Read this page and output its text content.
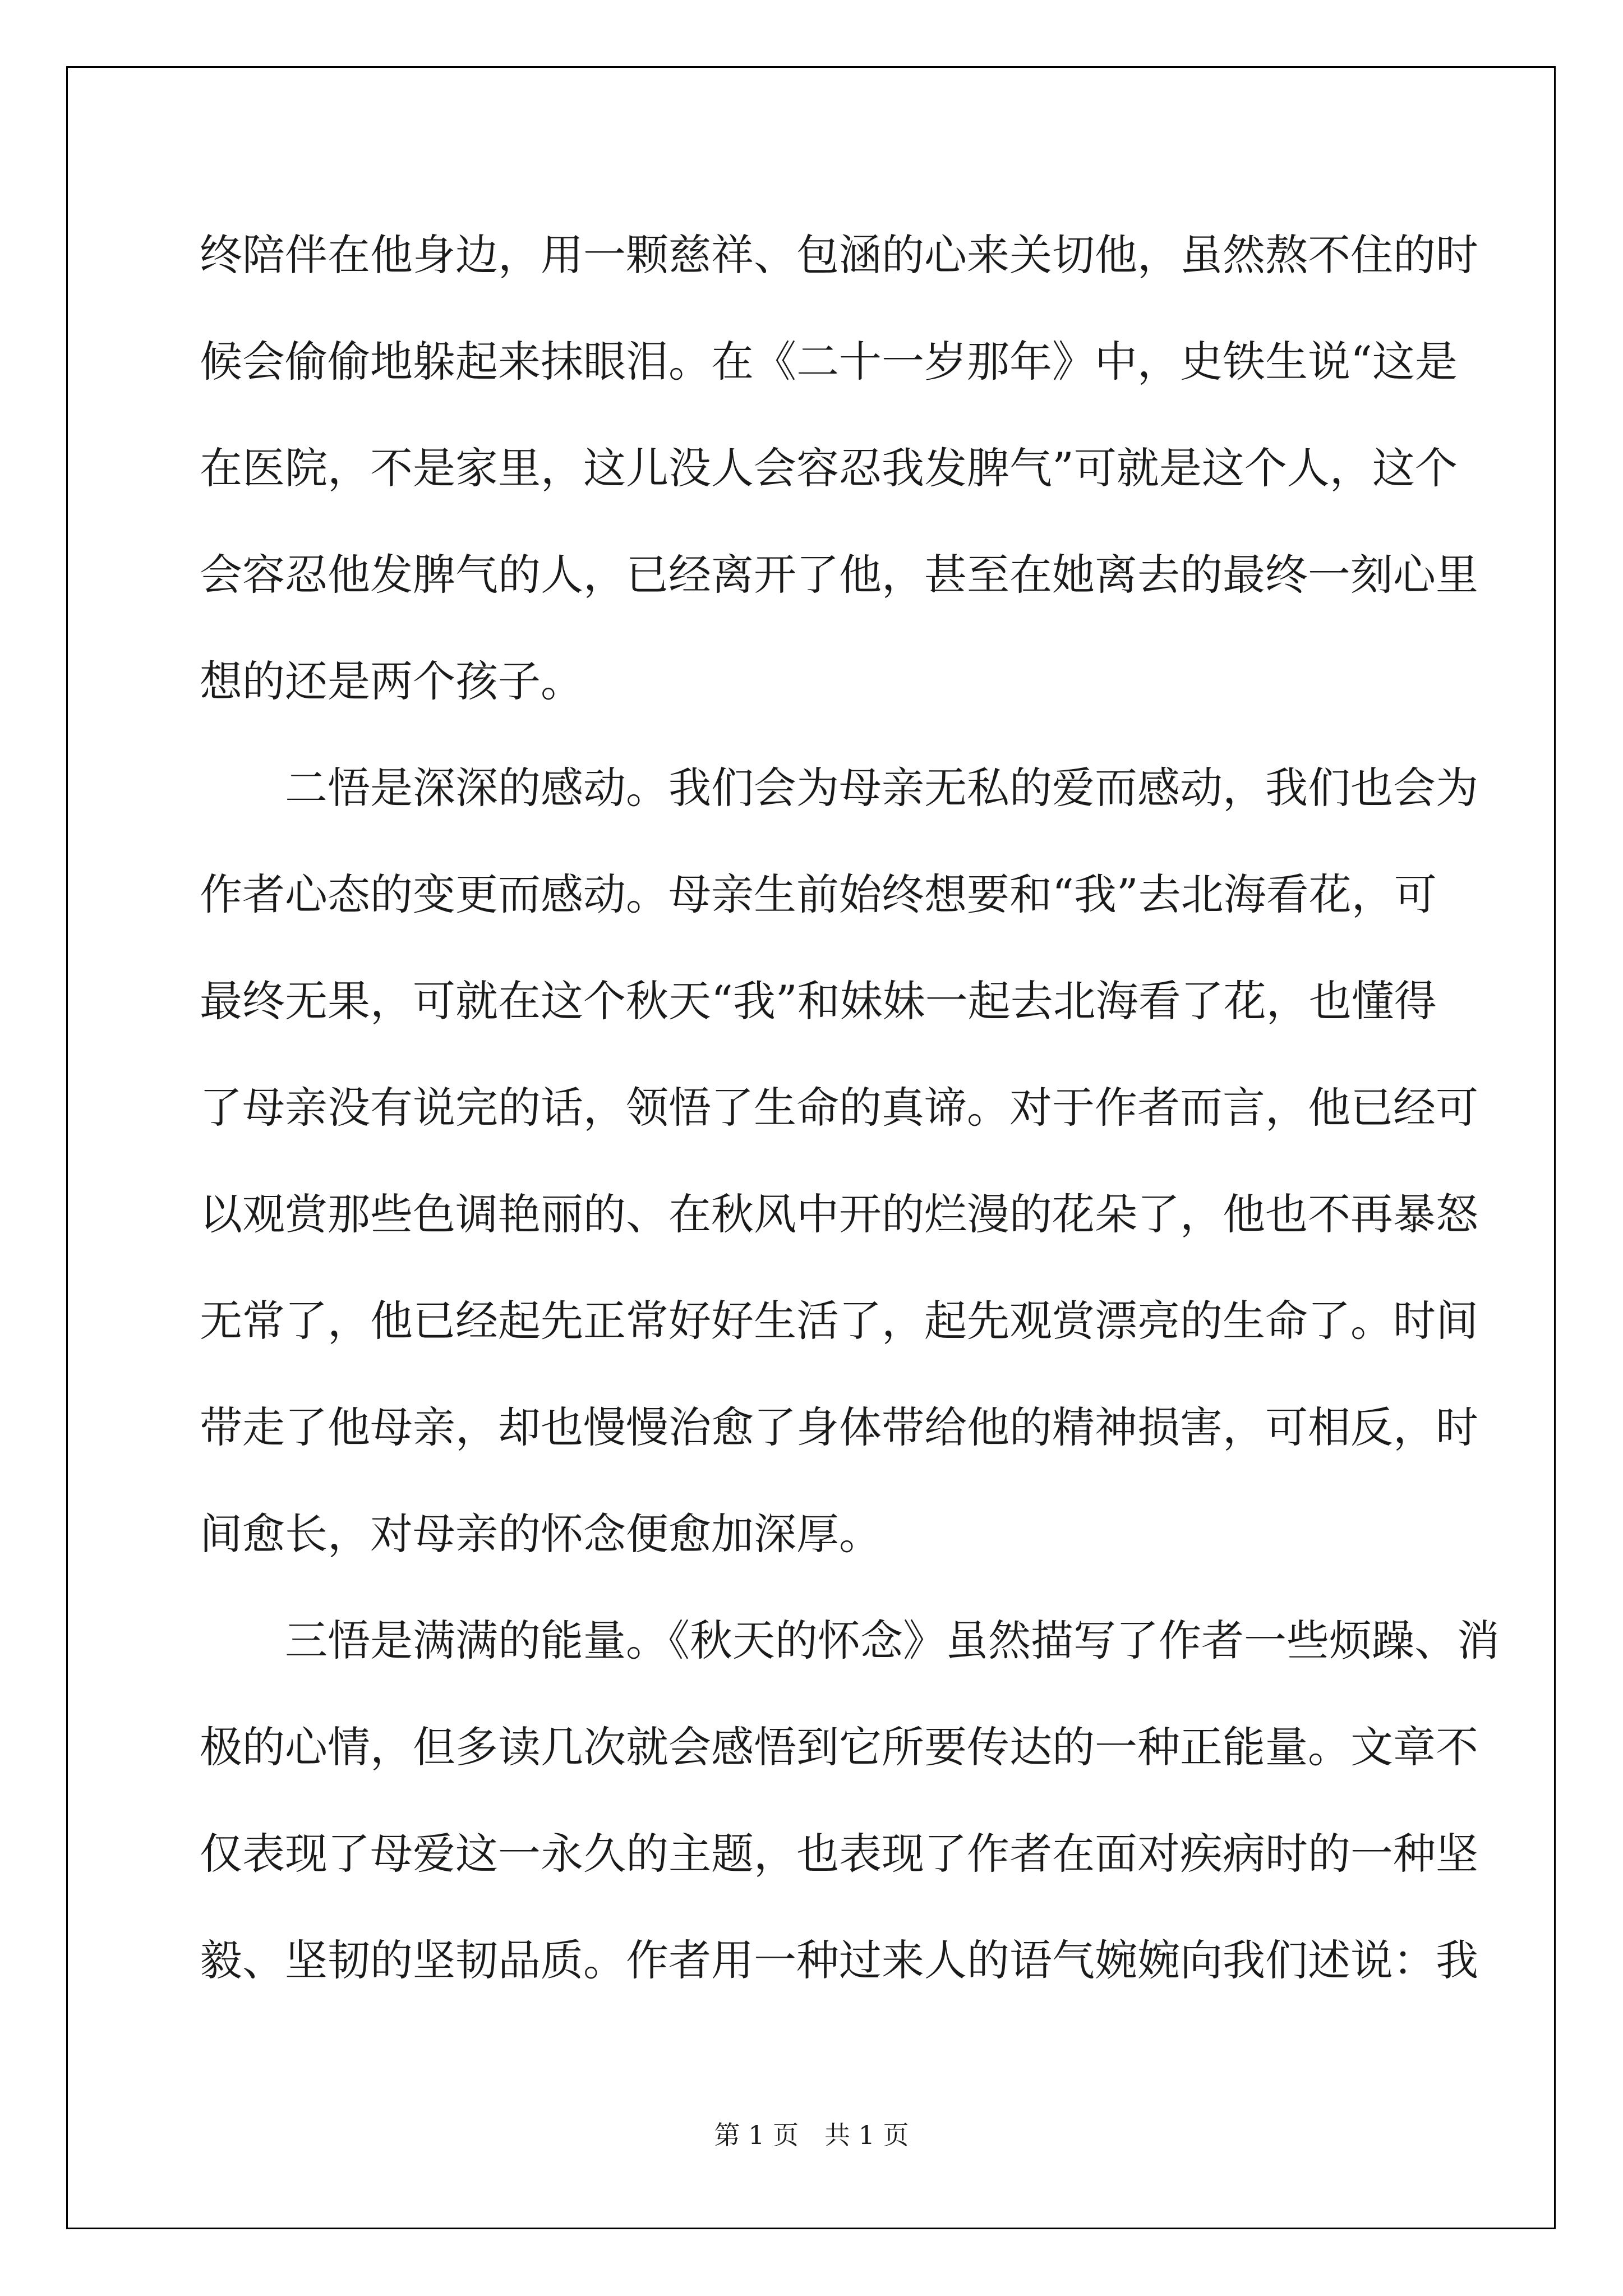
终陪伴在他身边，用一颗慈祥、包涵的心来关切他，虽然熬不住的时
候会偷偷地躲起来抹眼泪。在《二十一岁那年》中，史铁生说“这是
在医院，不是家里，这儿没人会容忍我发脾气”可就是这个人，这个
会容忍他发脾气的人，已经离开了他，甚至在她离去的最终一刻心里
想的还是两个孩子。
二悟是深深的感动。我们会为母亲无私的爱而感动，我们也会为
作者心态的变更而感动。母亲生前始终想要和“我”去北海看花，可
最终无果，可就在这个秋天“我”和妹妹一起去北海看了花，也懂得
了母亲没有说完的话，领悟了生命的真谛。对于作者而言，他已经可
以观赏那些色调艳丽的、在秋风中开的烂漫的花朵了，他也不再暴怒
无常了，他已经起先正常好好生活了，起先观赏漂亮的生命了。时间
带走了他母亲，却也慢慢治愈了身体带给他的精神损害，可相反，时
间愈长，对母亲的怀念便愈加深厚。
三悟是满满的能量。《秋天的怀念》虽然描写了作者一些烦躁、消
极的心情，但多读几次就会感悟到它所要传达的一种正能量。文章不
仅表现了母爱这一永久的主题，也表现了作者在面对疾病时的一种坚
毅、坚韧的坚韧品质。作者用一种过来人的语气婉婉向我们述说：我
第 1 页 共 1 页
